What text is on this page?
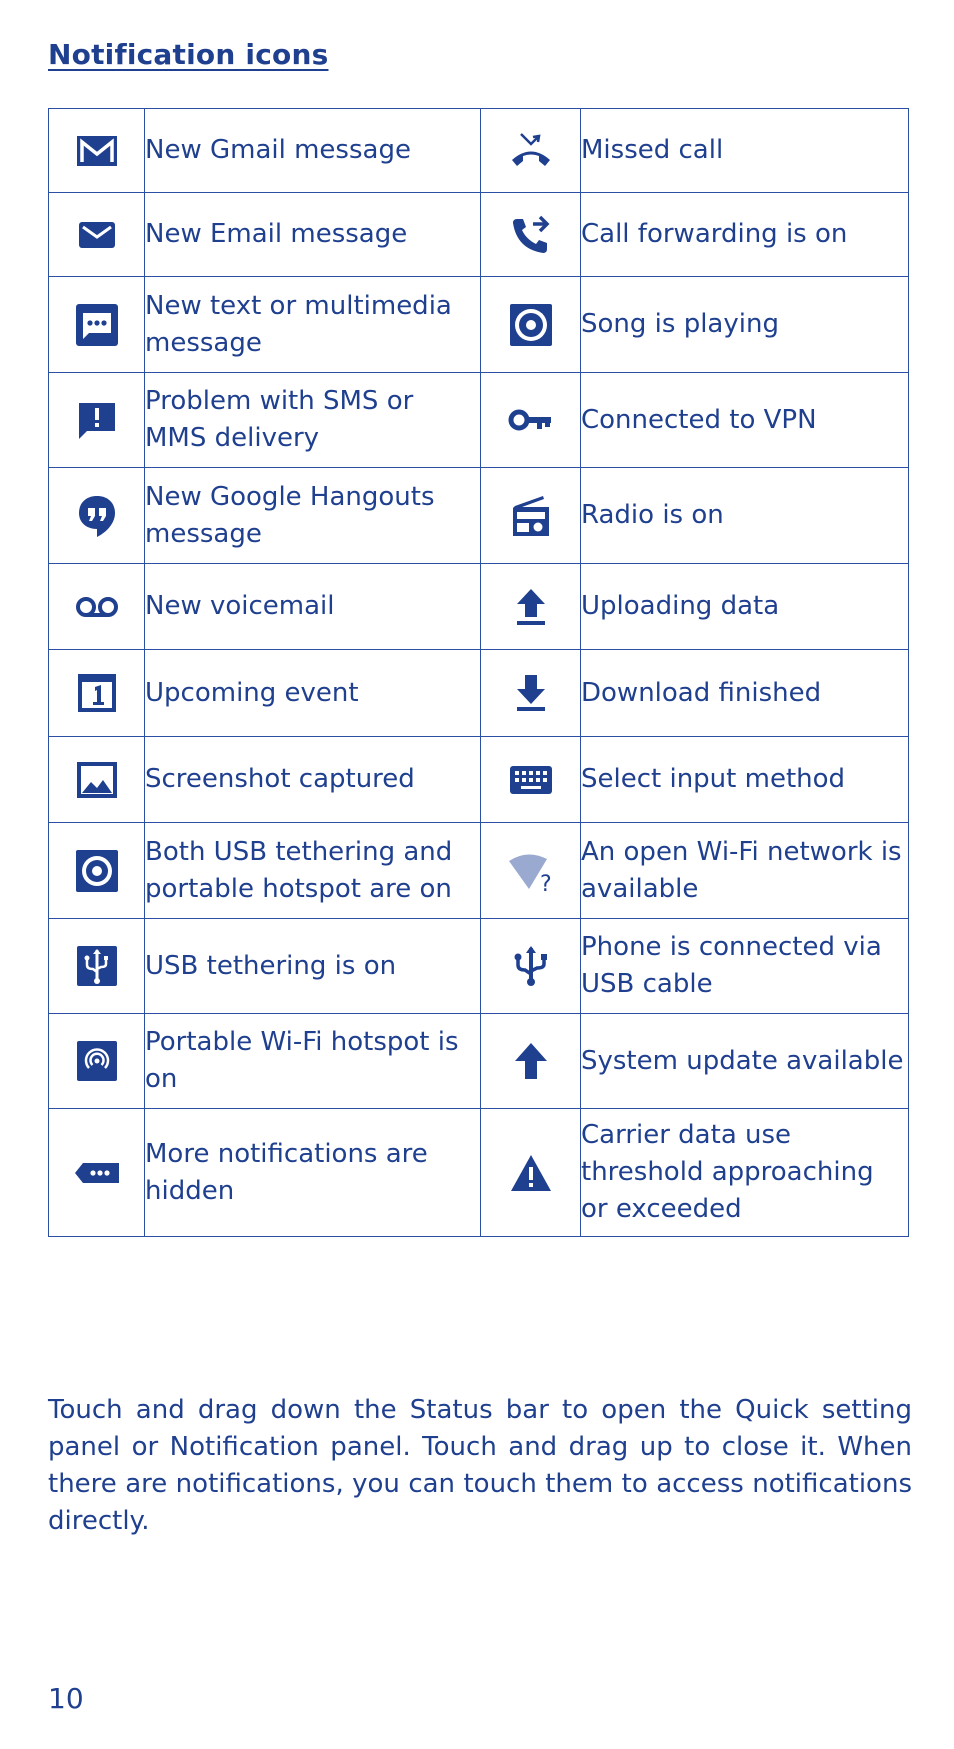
Notification icons
	New Gmail message		Missed call

	New Email message		Call forwarding is on

	New text or multimedia message		Song is playing

	Problem with SMS or MMS delivery		Connected to VPN

	New Google Hangouts message		Radio is on

	New voicemail		Uploading data

	Upcoming event		Download finished

	Screenshot captured		Select input method

	Both USB tethering and portable hotspot are on	?	An open Wi-Fi network is available

	USB tethering is on		Phone is connected via USB cable

	Portable Wi-Fi hotspot is on		System update available

	More notifications are hidden		Carrier data use threshold approaching or exceeded

Touch and drag down the Status bar to open the Quick setting panel or Notification panel. Touch and drag up to close it. When there are notifications, you can touch them to access notifications directly.

10
